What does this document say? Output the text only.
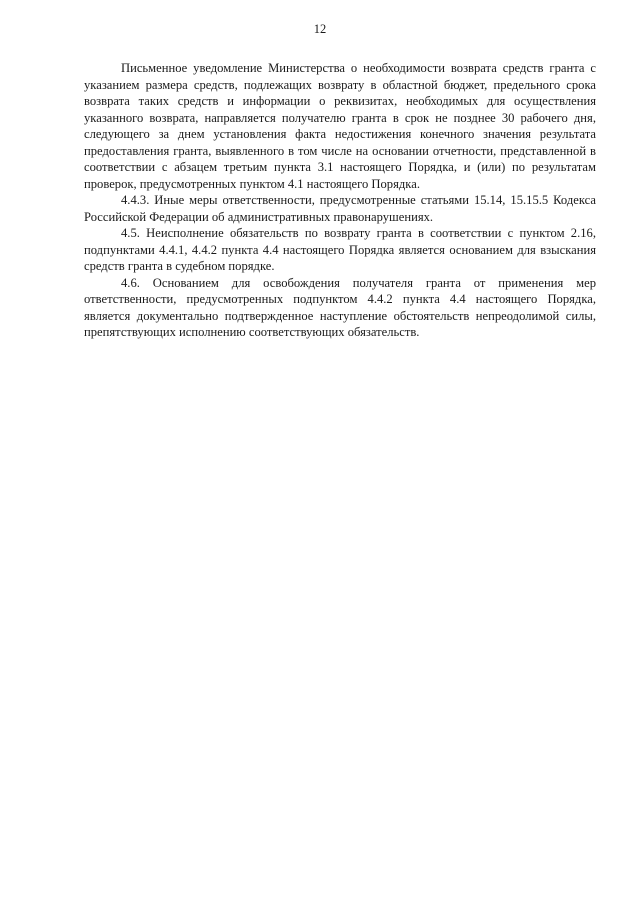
12

Письменное уведомление Министерства о необходимости возврата средств гранта с указанием размера средств, подлежащих возврату в областной бюджет, предельного срока возврата таких средств и информации о реквизитах, необходимых для осуществления указанного возврата, направляется получателю гранта в срок не позднее 30 рабочего дня, следующего за днем установления факта недостижения конечного значения результата предоставления гранта, выявленного в том числе на основании отчетности, представленной в соответствии с абзацем третьим пункта 3.1 настоящего Порядка, и (или) по результатам проверок, предусмотренных пунктом 4.1 настоящего Порядка.

4.4.3. Иные меры ответственности, предусмотренные статьями 15.14, 15.15.5 Кодекса Российской Федерации об административных правонарушениях.

4.5. Неисполнение обязательств по возврату гранта в соответствии с пунктом 2.16, подпунктами 4.4.1, 4.4.2 пункта 4.4 настоящего Порядка является основанием для взыскания средств гранта в судебном порядке.

4.6. Основанием для освобождения получателя гранта от применения мер ответственности, предусмотренных подпунктом 4.4.2 пункта 4.4 настоящего Порядка, является документально подтвержденное наступление обстоятельств непреодолимой силы, препятствующих исполнению соответствующих обязательств.
